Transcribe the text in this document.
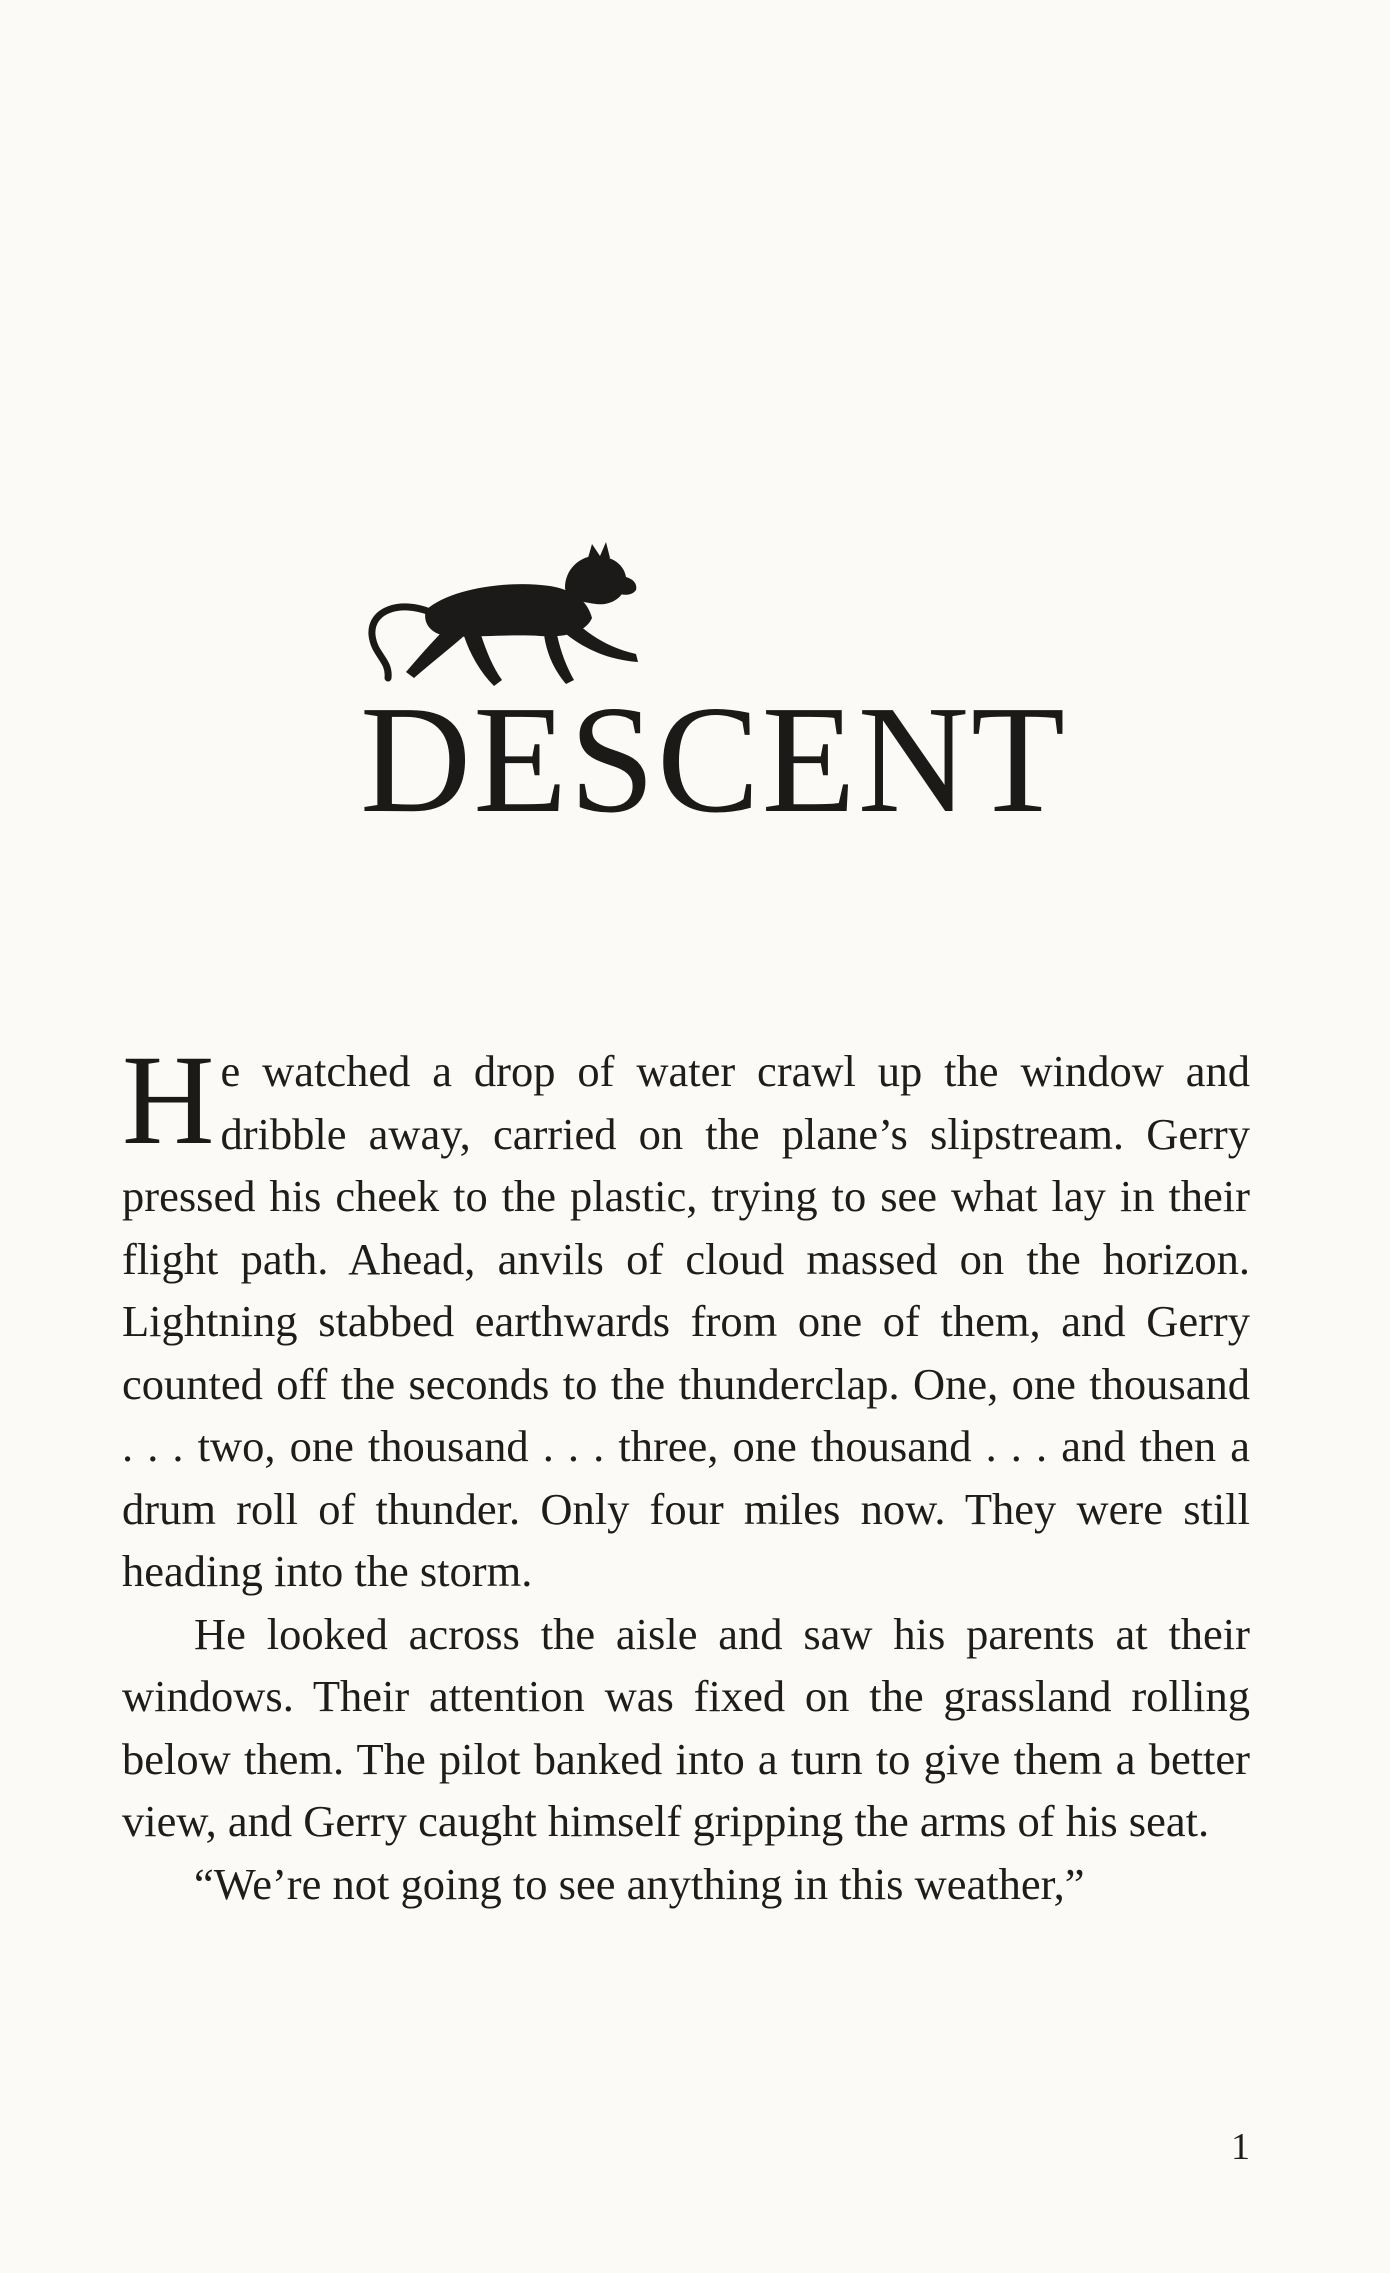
DESCENT

He watched a drop of water crawl up the window and dribble away, carried on the plane’s slipstream. Gerry pressed his cheek to the plastic, trying to see what lay in their flight path. Ahead, anvils of cloud massed on the horizon. Lightning stabbed earthwards from one of them, and Gerry counted off the seconds to the thunderclap. One, one thousand . . . two, one thousand . . . three, one thousand . . . and then a drum roll of thunder. Only four miles now. They were still heading into the storm.

He looked across the aisle and saw his parents at their windows. Their attention was fixed on the grassland rolling below them. The pilot banked into a turn to give them a better view, and Gerry caught himself gripping the arms of his seat.

“We’re not going to see anything in this weather,”

1
